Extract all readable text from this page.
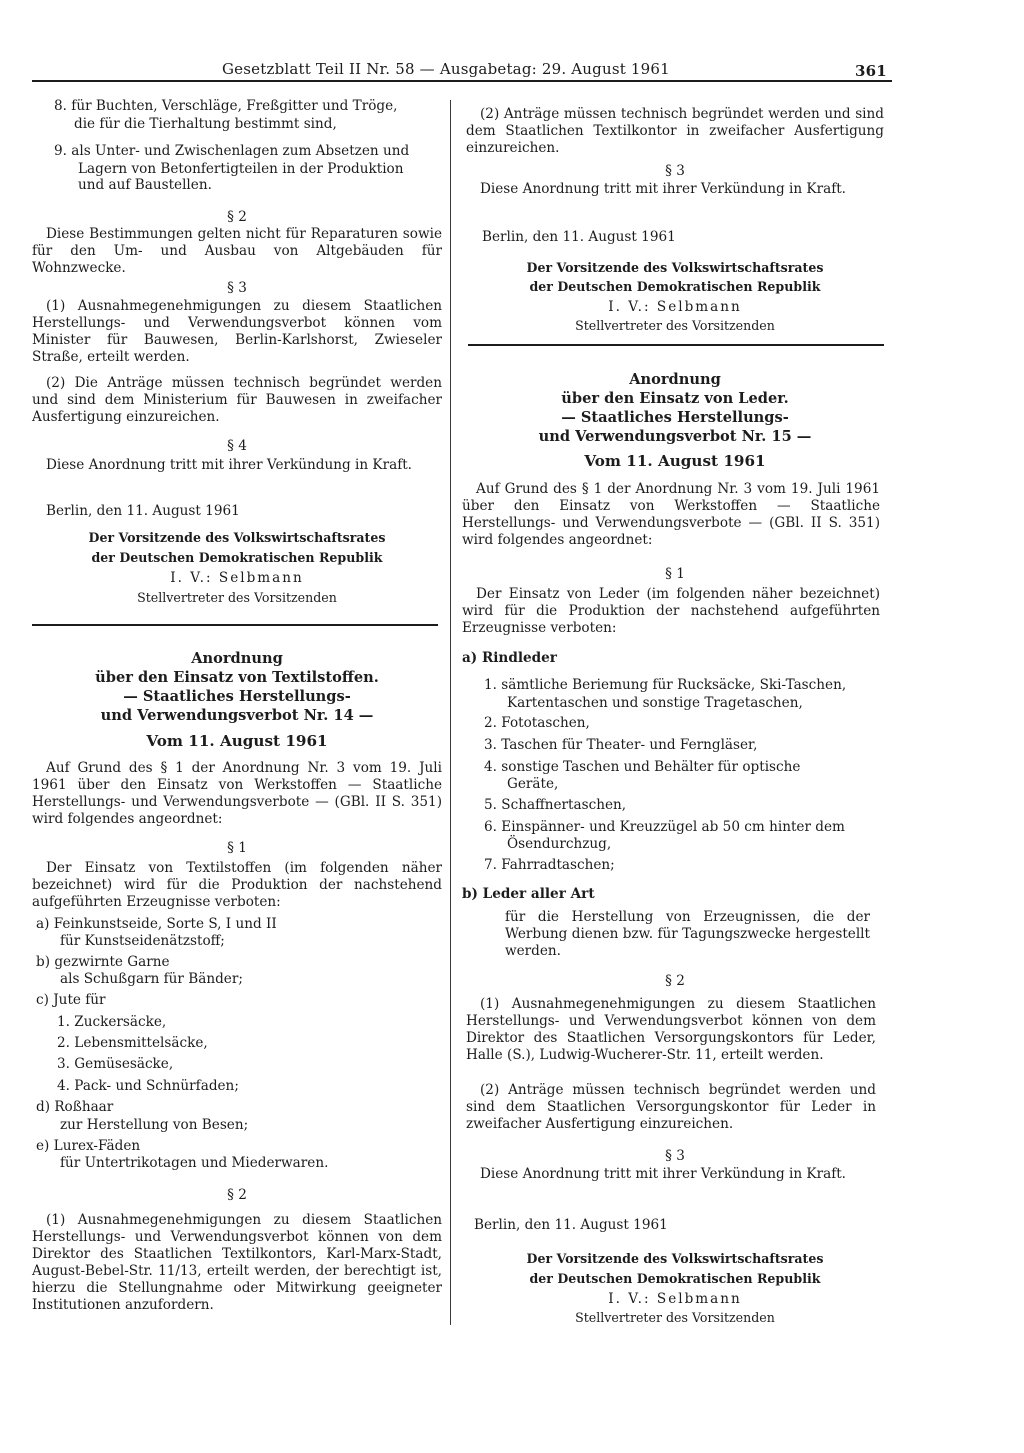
Gesetzblatt Teil II Nr. 58 — Ausgabetag: 29. August 1961	361
8. für Buchten, Verschläge, Freßgitter und Tröge,
die für die Tierhaltung bestimmt sind,
9. als Unter- und Zwischenlagen zum Absetzen und
Lagern von Betonfertigteilen in der Produktion
und auf Baustellen.
§ 2
Diese Bestimmungen gelten nicht für Reparaturen sowie für den Um- und Ausbau von Altgebäuden für Wohnzwecke.
§ 3
(1) Ausnahmegenehmigungen zu diesem Staatlichen Herstellungs- und Verwendungsverbot können vom Minister für Bauwesen, Berlin-Karlshorst, Zwieseler Straße, erteilt werden.
(2) Die Anträge müssen technisch begründet werden und sind dem Ministerium für Bauwesen in zweifacher Ausfertigung einzureichen.
§ 4
Diese Anordnung tritt mit ihrer Verkündung in Kraft.
Berlin, den 11. August 1961
Der Vorsitzende des Volkswirtschaftsrates
der Deutschen Demokratischen Republik
I. V.: Selbmann
Stellvertreter des Vorsitzenden
Anordnung
über den Einsatz von Textilstoffen.
— Staatliches Herstellungs-
und Verwendungsverbot Nr. 14 —
Vom 11. August 1961
Auf Grund des § 1 der Anordnung Nr. 3 vom 19. Juli 1961 über den Einsatz von Werkstoffen — Staatliche Herstellungs- und Verwendungsverbote — (GBl. II S. 351) wird folgendes angeordnet:
§ 1
Der Einsatz von Textilstoffen (im folgenden näher bezeichnet) wird für die Produktion der nachstehend aufgeführten Erzeugnisse verboten:
a) Feinkunstseide, Sorte S, I und II
für Kunstseidenätzstoff;
b) gezwirnte Garne
als Schußgarn für Bänder;
c) Jute für
1. Zuckersäcke,
2. Lebensmittelsäcke,
3. Gemüsesäcke,
4. Pack- und Schnürfaden;
d) Roßhaar
zur Herstellung von Besen;
e) Lurex-Fäden
für Untertrikotagen und Miederwaren.
§ 2
(1) Ausnahmegenehmigungen zu diesem Staatlichen Herstellungs- und Verwendungsverbot können von dem Direktor des Staatlichen Textilkontors, Karl-Marx-Stadt, August-Bebel-Str. 11/13, erteilt werden, der berechtigt ist, hierzu die Stellungnahme oder Mitwirkung geeigneter Institutionen anzufordern.
(2) Anträge müssen technisch begründet werden und sind dem Staatlichen Textilkontor in zweifacher Ausfertigung einzureichen.
§ 3
Diese Anordnung tritt mit ihrer Verkündung in Kraft.
Berlin, den 11. August 1961
Der Vorsitzende des Volkswirtschaftsrates
der Deutschen Demokratischen Republik
I. V.: Selbmann
Stellvertreter des Vorsitzenden
Anordnung
über den Einsatz von Leder.
— Staatliches Herstellungs-
und Verwendungsverbot Nr. 15 —
Vom 11. August 1961
Auf Grund des § 1 der Anordnung Nr. 3 vom 19. Juli 1961 über den Einsatz von Werkstoffen — Staatliche Herstellungs- und Verwendungsverbote — (GBl. II S. 351) wird folgendes angeordnet:
§ 1
Der Einsatz von Leder (im folgenden näher bezeichnet) wird für die Produktion der nachstehend aufgeführten Erzeugnisse verboten:
a) Rindleder
1. sämtliche Beriemung für Rucksäcke, Ski-Taschen,
Kartentaschen und sonstige Tragetaschen,
2. Fototaschen,
3. Taschen für Theater- und Ferngläser,
4. sonstige Taschen und Behälter für optische
Geräte,
5. Schaffnertaschen,
6. Einspänner- und Kreuzzügel ab 50 cm hinter dem
Ösendurchzug,
7. Fahrradtaschen;
b) Leder aller Art
für die Herstellung von Erzeugnissen, die der Werbung dienen bzw. für Tagungszwecke hergestellt werden.
§ 2
(1) Ausnahmegenehmigungen zu diesem Staatlichen Herstellungs- und Verwendungsverbot können von dem Direktor des Staatlichen Versorgungskontors für Leder, Halle (S.), Ludwig-Wucherer-Str. 11, erteilt werden.
(2) Anträge müssen technisch begründet werden und sind dem Staatlichen Versorgungskontor für Leder in zweifacher Ausfertigung einzureichen.
§ 3
Diese Anordnung tritt mit ihrer Verkündung in Kraft.
Berlin, den 11. August 1961
Der Vorsitzende des Volkswirtschaftsrates
der Deutschen Demokratischen Republik
I. V.: Selbmann
Stellvertreter des Vorsitzenden
